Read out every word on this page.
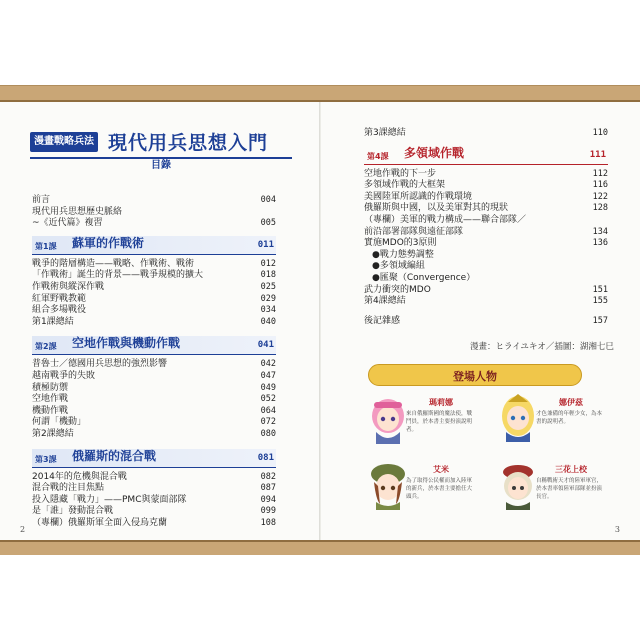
漫畫戰略兵法 現代用兵思想入門
目錄
前言	004
現代用兵思想歷史脈絡
~《近代篇》複習	005
第1課 蘇軍的作戰術	011
戰爭的階層構造——戰略、作戰術、戰術	012
「作戰術」誕生的背景——戰爭規模的擴大	018
作戰術與縱深作戰	025
紅軍野戰教範	029
組合多場戰役	034
第1課總結	040
第2課 空地作戰與機動作戰	041
普魯士／德國用兵思想的強烈影響	042
越南戰爭的失敗	047
積極防禦	049
空地作戰	052
機動作戰	064
何謂「機動」	072
第2課總結	080
第3課 俄羅斯的混合戰	081
2014年的危機與混合戰	082
混合戰的注目焦點	087
投入隱藏「戰力」——PMC與蒙面部隊	094
是「誰」發動混合戰	099
（專欄）俄羅斯軍全面入侵烏克蘭	108
2
第3課總結	110
第4課 多領域作戰	111
空地作戰的下一步	112
多領域作戰的大框架	116
美國陸軍所認識的作戰環境	122
俄羅斯與中國，以及美軍對其的現狀	128
（專欄）美軍的戰力構成——聯合部隊／
前沿部署部隊與遠征部隊	134
實施MDO的3原則	136
●戰力態勢調整
●多領域編組
●匯聚（Convergence）
武力衝突的MDO	151
第4課總結	155
後記雜感	157
漫畫：ヒライユキオ／插圖：湖湘七巳
登場人物
瑪莉娜
來自俄羅斯國的魔法使，戰鬥員，於本書主要扮演說明者。
娜伊茲
才色兼備的年輕少女，為本書的說明者。
艾米
為了取得公民權而加入陸軍的新兵，於本書主要擔任大頭兵。
三花上校
自稱戰術天才的陸軍軍官，於本書率領陸軍部隊並扮演長官。
3
